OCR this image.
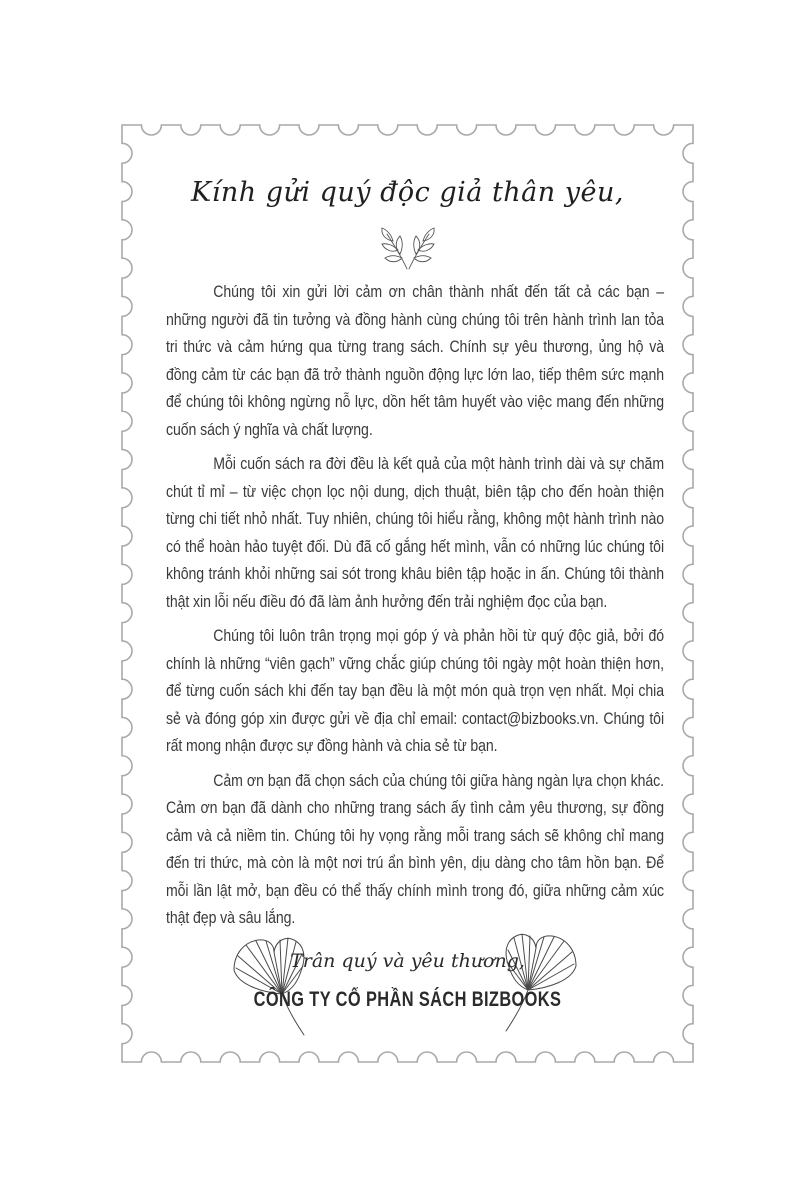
Kính gửi quý độc giả thân yêu,

Chúng tôi xin gửi lời cảm ơn chân thành nhất đến tất cả các bạn – những người đã tin tưởng và đồng hành cùng chúng tôi trên hành trình lan tỏa tri thức và cảm hứng qua từng trang sách. Chính sự yêu thương, ủng hộ và đồng cảm từ các bạn đã trở thành nguồn động lực lớn lao, tiếp thêm sức mạnh để chúng tôi không ngừng nỗ lực, dồn hết tâm huyết vào việc mang đến những cuốn sách ý nghĩa và chất lượng.

Mỗi cuốn sách ra đời đều là kết quả của một hành trình dài và sự chăm chút tỉ mỉ – từ việc chọn lọc nội dung, dịch thuật, biên tập cho đến hoàn thiện từng chi tiết nhỏ nhất. Tuy nhiên, chúng tôi hiểu rằng, không một hành trình nào có thể hoàn hảo tuyệt đối. Dù đã cố gắng hết mình, vẫn có những lúc chúng tôi không tránh khỏi những sai sót trong khâu biên tập hoặc in ấn. Chúng tôi thành thật xin lỗi nếu điều đó đã làm ảnh hưởng đến trải nghiệm đọc của bạn.

Chúng tôi luôn trân trọng mọi góp ý và phản hồi từ quý độc giả, bởi đó chính là những “viên gạch” vững chắc giúp chúng tôi ngày một hoàn thiện hơn, để từng cuốn sách khi đến tay bạn đều là một món quà trọn vẹn nhất. Mọi chia sẻ và đóng góp xin được gửi về địa chỉ email: contact@bizbooks.vn. Chúng tôi rất mong nhận được sự đồng hành và chia sẻ từ bạn.

Cảm ơn bạn đã chọn sách của chúng tôi giữa hàng ngàn lựa chọn khác. Cảm ơn bạn đã dành cho những trang sách ấy tình cảm yêu thương, sự đồng cảm và cả niềm tin. Chúng tôi hy vọng rằng mỗi trang sách sẽ không chỉ mang đến tri thức, mà còn là một nơi trú ẩn bình yên, dịu dàng cho tâm hồn bạn. Để mỗi lần lật mở, bạn đều có thể thấy chính mình trong đó, giữa những cảm xúc thật đẹp và sâu lắng.

Trân quý và yêu thương,
CÔNG TY CỔ PHẦN SÁCH BIZBOOKS
